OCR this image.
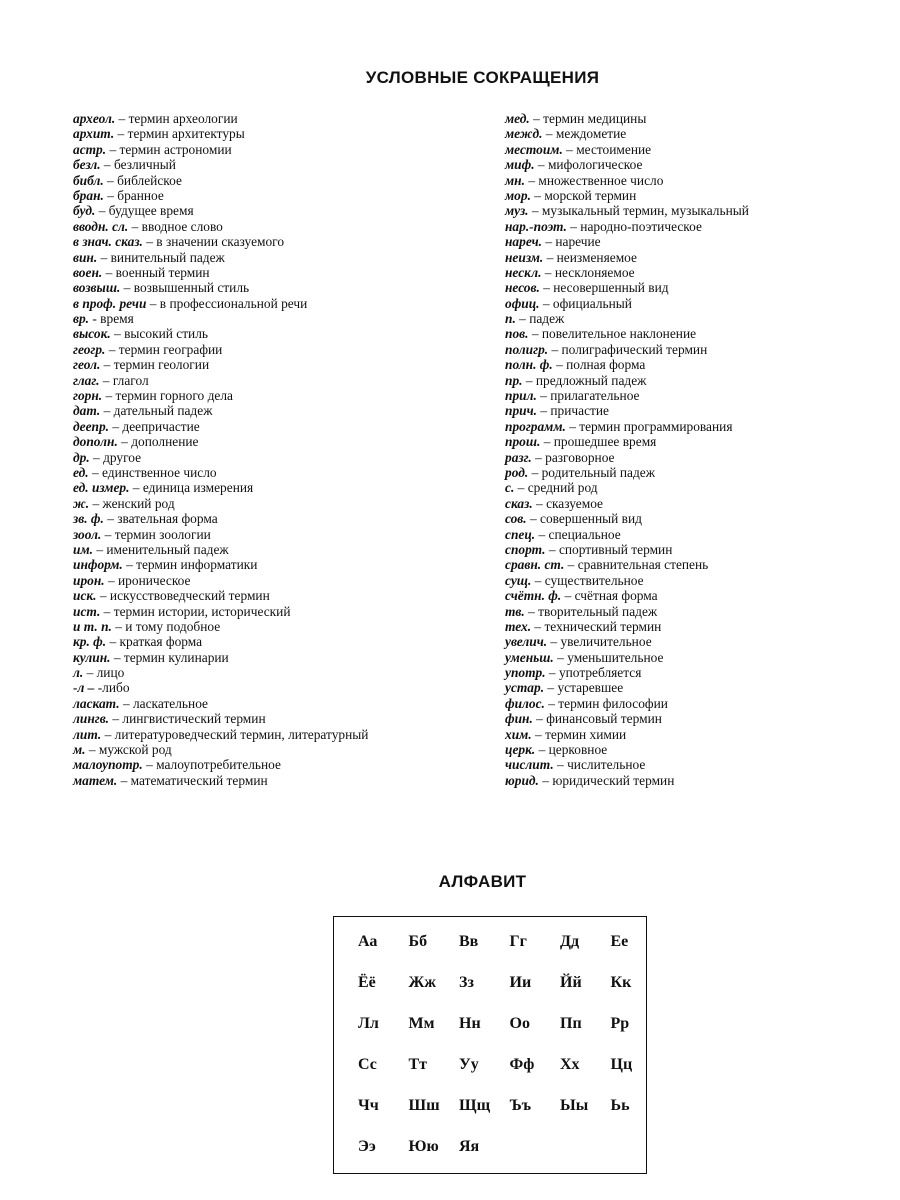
УСЛОВНЫЕ СОКРАЩЕНИЯ
археол. – термин археологии
архит. – термин архитектуры
астр. – термин астрономии
безл. – безличный
библ. – библейское
бран. – бранное
буд. – будущее время
вводн. сл. – вводное слово
в знач. сказ. – в значении сказуемого
вин. – винительный падеж
воен. – военный термин
возвыш. – возвышенный стиль
в проф. речи – в профессиональной речи
вр. - время
высок. – высокий стиль
геогр. – термин географии
геол. – термин геологии
глаг. – глагол
горн. – термин горного дела
дат. – дательный падеж
деепр. – деепричастие
дополн. – дополнение
др. – другое
ед. – единственное число
ед. измер. – единица измерения
ж. – женский род
зв. ф. – звательная форма
зоол. – термин зоологии
им. – именительный падеж
информ. – термин информатики
ирон. – ироническое
иск. – искусствоведческий термин
ист. – термин истории, исторический
и т. п. – и тому подобное
кр. ф. – краткая форма
кулин. – термин кулинарии
л. – лицо
-л – -либо
ласкат. – ласкательное
лингв. – лингвистический термин
лит. – литературоведческий термин, литературный
м. – мужской род
малоупотр. – малоупотребительное
матем. – математический термин
мед. – термин медицины
межд. – междометие
местоим. – местоимение
миф. – мифологическое
мн. – множественное число
мор. – морской термин
муз. – музыкальный термин, музыкальный
нар.-поэт. – народно-поэтическое
нареч. – наречие
неизм. – неизменяемое
нескл. – несклоняемое
несов. – несовершенный вид
офиц. – официальный
п. – падеж
пов. – повелительное наклонение
полигр. – полиграфический термин
полн. ф. – полная форма
пр. – предложный падеж
прил. – прилагательное
прич. – причастие
программ. – термин программирования
прош. – прошедшее время
разг. – разговорное
род. – родительный падеж
с. – средний род
сказ. – сказуемое
сов. – совершенный вид
спец. – специальное
спорт. – спортивный термин
сравн. ст. – сравнительная степень
сущ. – существительное
счётн. ф. – счётная форма
тв. – творительный падеж
тех. – технический термин
увелич. – увеличительное
уменьш. – уменьшительное
употр. – употребляется
устар. – устаревшее
филос. – термин философии
фин. – финансовый термин
хим. – термин химии
церк. – церковное
числит. – числительное
юрид. – юридический термин
АЛФАВИТ
Аа	Бб	Вв	Гг	Дд	Ее
Ёё	Жж	Зз	Ии	Йй	Кк
Лл	Мм	Нн	Оо	Пп	Рр
Сс	Тт	Уу	Фф	Хх	Цц
Чч	Шш	Щщ	Ъъ	Ыы	Ьь
Ээ	Юю	Яя
